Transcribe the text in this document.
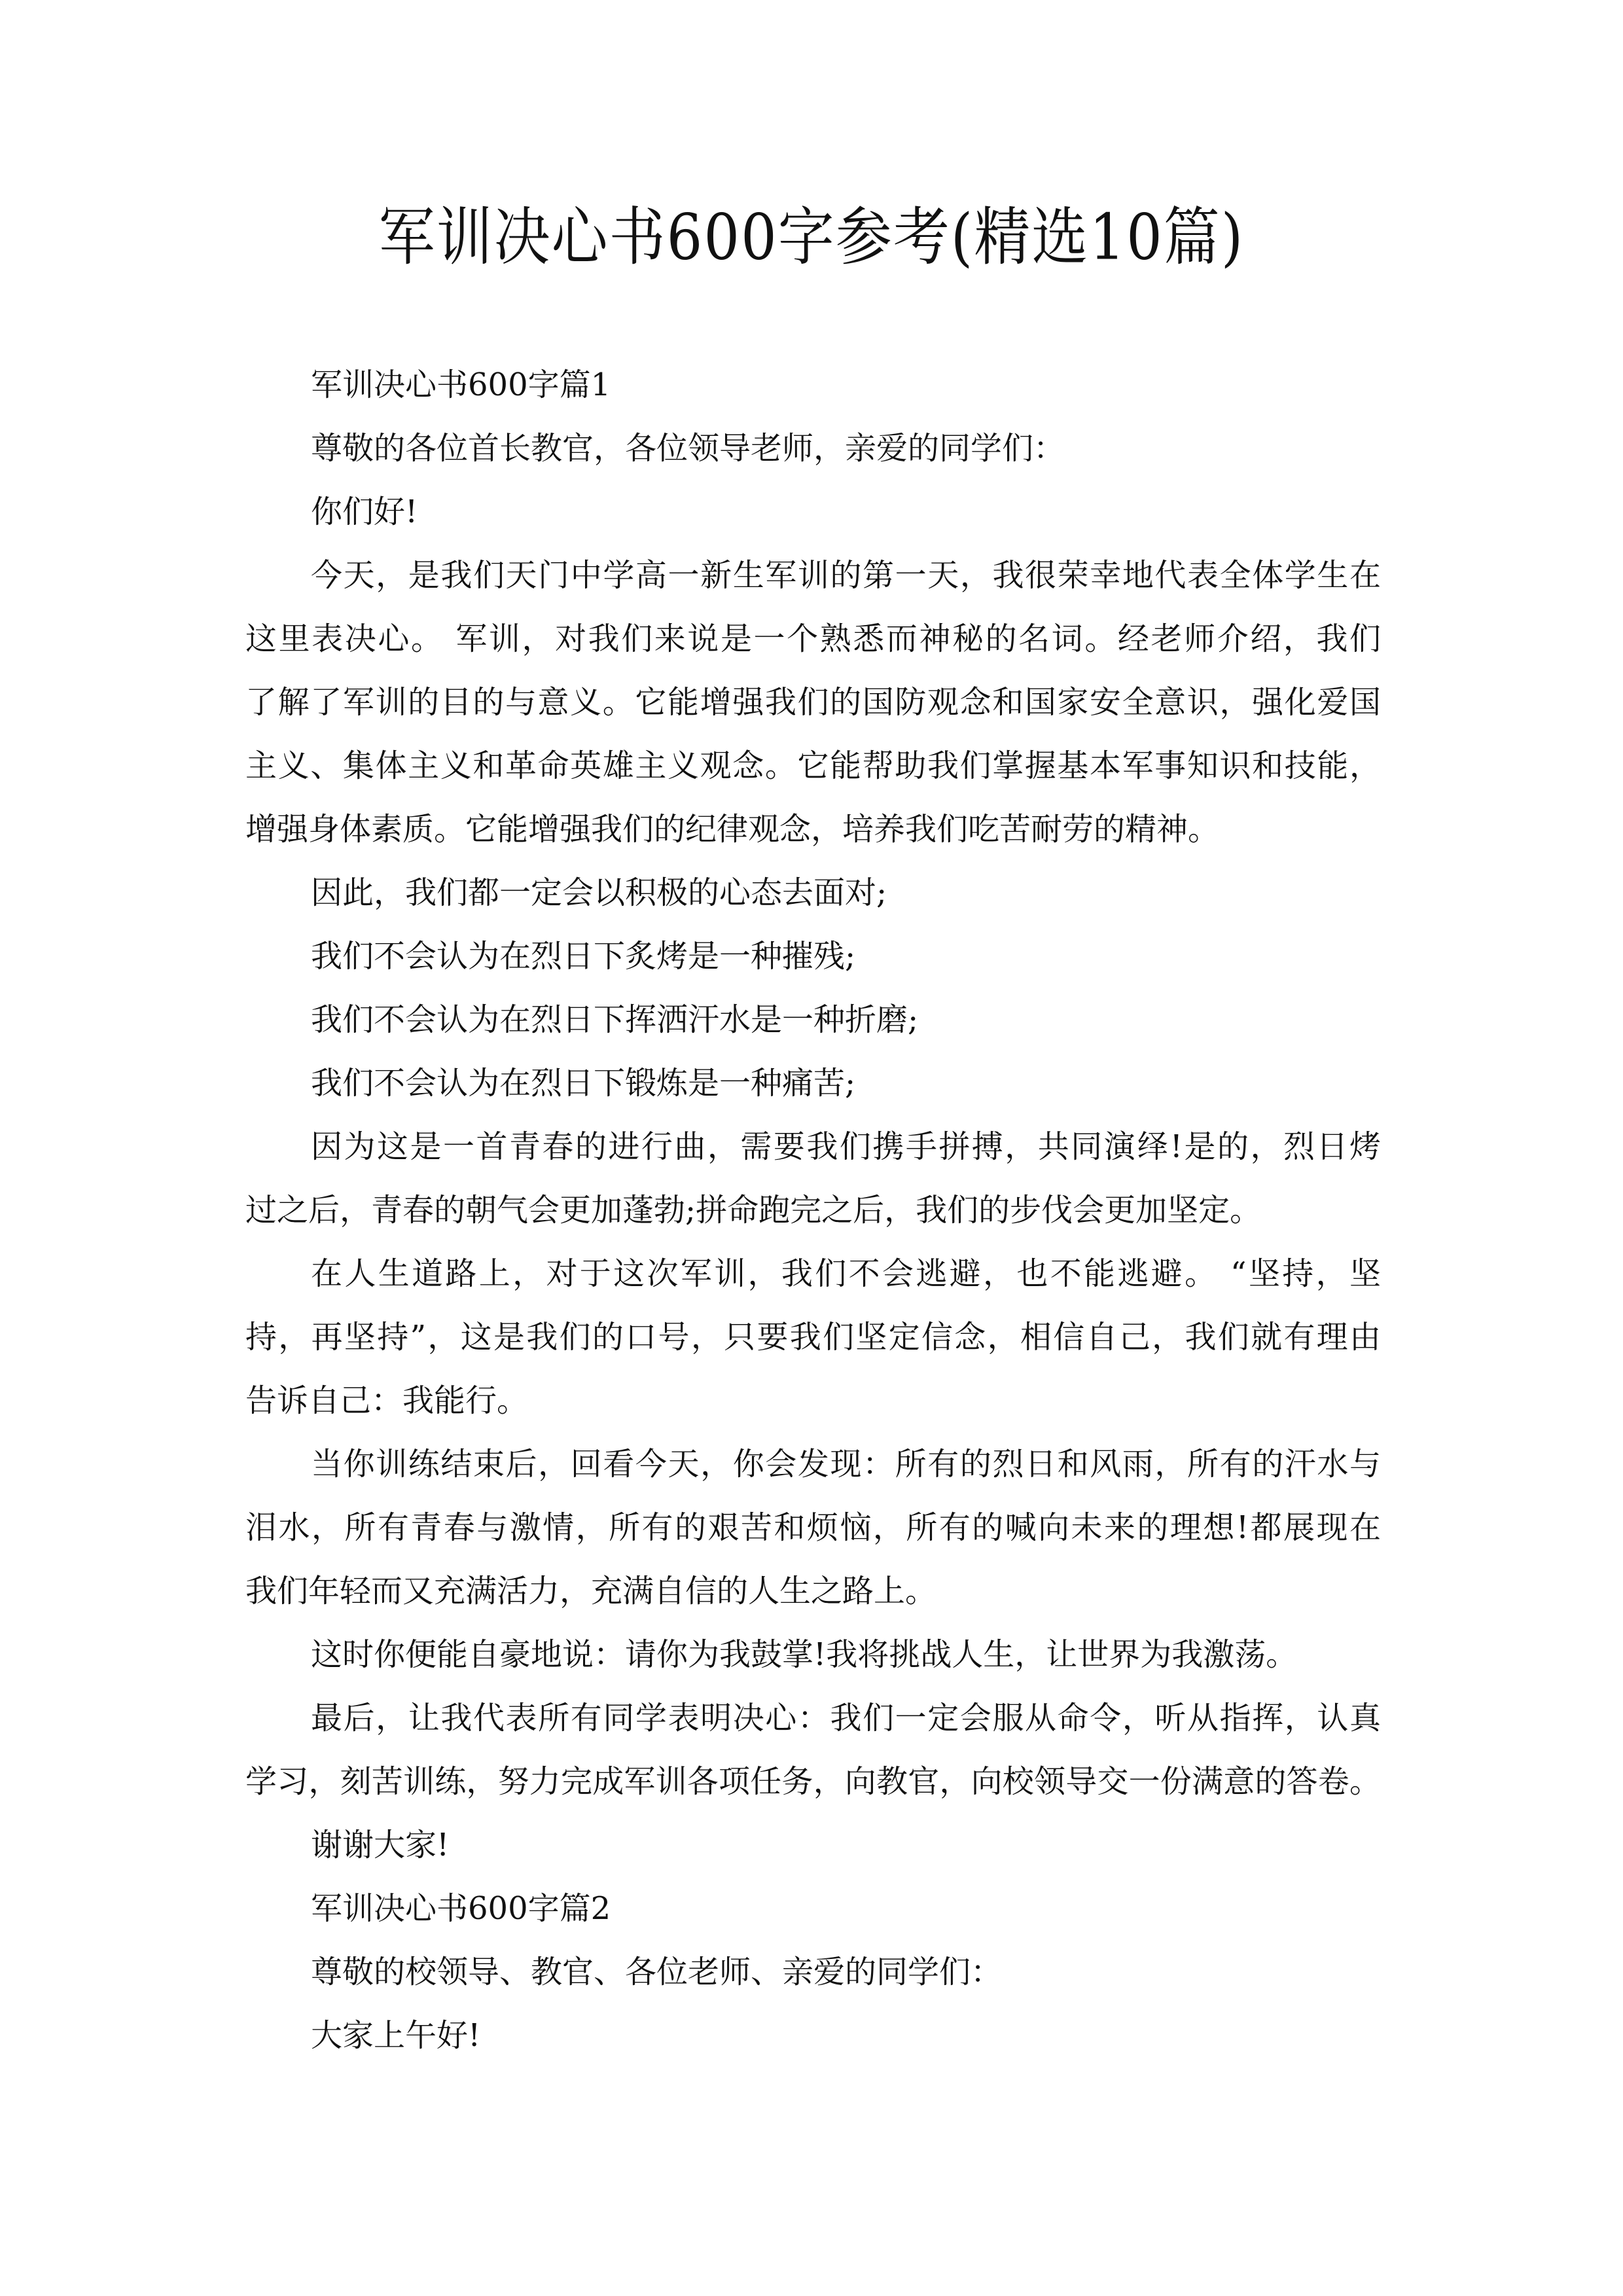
军训决心书600字参考(精选10篇)
军训决心书600字篇1
尊敬的各位首长教官，各位领导老师，亲爱的同学们：
你们好!
今天，是我们天门中学高一新生军训的第一天，我很荣幸地代表全体学生在
这里表决心。 军训，对我们来说是一个熟悉而神秘的名词。经老师介绍，我们
了解了军训的目的与意义。它能增强我们的国防观念和国家安全意识，强化爱国
主义、集体主义和革命英雄主义观念。它能帮助我们掌握基本军事知识和技能，
增强身体素质。它能增强我们的纪律观念，培养我们吃苦耐劳的精神。
因此，我们都一定会以积极的心态去面对;
我们不会认为在烈日下炙烤是一种摧残;
我们不会认为在烈日下挥洒汗水是一种折磨;
我们不会认为在烈日下锻炼是一种痛苦;
因为这是一首青春的进行曲，需要我们携手拼搏，共同演绎!是的，烈日烤
过之后，青春的朝气会更加蓬勃;拼命跑完之后，我们的步伐会更加坚定。
在人生道路上，对于这次军训，我们不会逃避，也不能逃避。 “坚持，坚
持，再坚持”，这是我们的口号，只要我们坚定信念，相信自己，我们就有理由
告诉自己：我能行。
当你训练结束后，回看今天，你会发现：所有的烈日和风雨，所有的汗水与
泪水，所有青春与激情，所有的艰苦和烦恼，所有的喊向未来的理想!都展现在
我们年轻而又充满活力，充满自信的人生之路上。
这时你便能自豪地说：请你为我鼓掌!我将挑战人生，让世界为我激荡。
最后，让我代表所有同学表明决心：我们一定会服从命令，听从指挥，认真
学习，刻苦训练，努力完成军训各项任务，向教官，向校领导交一份满意的答卷。
谢谢大家!
军训决心书600字篇2
尊敬的校领导、教官、各位老师、亲爱的同学们：
大家上午好!
